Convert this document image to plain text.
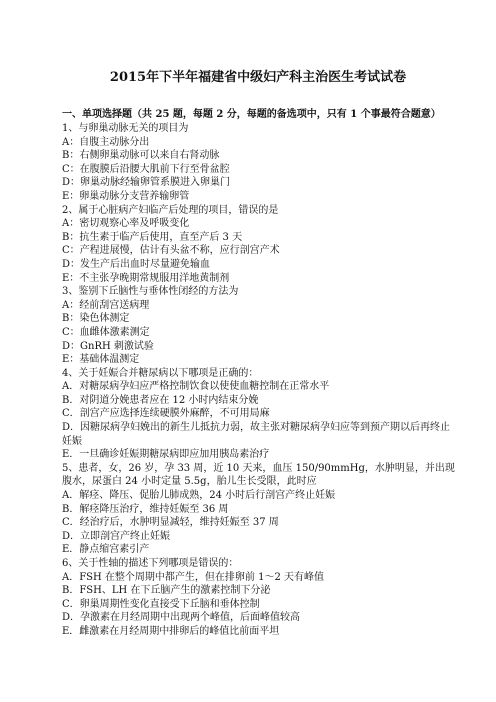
2015年下半年福建省中级妇产科主治医生考试试卷
一、单项选择题（共 25 题，每题 2 分，每题的备选项中，只有 1 个事最符合题意）
1、与卵巢动脉无关的项目为
A：自腹主动脉分出
B：右侧卵巢动脉可以来自右肾动脉
C：在腹膜后沿腰大肌前下行至骨盆腔
D：卵巢动脉经输卵管系膜进入卵巢门
E：卵巢动脉分支营养输卵管
2、属于心脏病产妇临产后处理的项目，错误的是
A：密切观察心率及呼吸变化
B：抗生素于临产后使用，直至产后 3 天
C：产程进展慢，估计有头盆不称，应行剖宫产术
D：发生产后出血时尽量避免输血
E：不主张孕晚期常规服用洋地黄制剂
3、鉴别下丘脑性与垂体性闭经的方法为
A：经前刮宫送病理
B：染色体测定
C：血雌体激素测定
D：GnRH 刺激试验
E：基础体温测定
4、关于妊娠合并糖尿病以下哪项是正确的：
A．对糖尿病孕妇应严格控制饮食以使使血糖控制在正常水平
B．对阴道分娩患者应在 12 小时内结束分娩
C．剖宫产应选择连续硬膜外麻醉，不可用局麻
D．因糖尿病孕妇娩出的新生儿抵抗力弱，故主张对糖尿病孕妇应等到预产期以后再终止妊娠
E．一旦确诊妊娠期糖尿病即应加用胰岛素治疗
5、患者，女，26 岁，孕 33 周，近 10 天来，血压 150/90mmHg，水肿明显，并出现腹水，尿蛋白 24 小时定量 5.5g，胎儿生长受限，此时应
A．解痉、降压、促胎儿肺成熟，24 小时后行剖宫产终止妊娠
B．解痉降压治疗，维持妊娠至 36 周
C．经治疗后，水肿明显减轻，维持妊娠至 37 周
D．立即剖宫产终止妊娠
E．静点缩宫素引产
6、关于性轴的描述下列哪项是错误的：
A．FSH 在整个周期中都产生，但在排卵前 1～2 天有峰值
B．FSH、LH 在下丘脑产生的激素控制下分泌
C．卵巢周期性变化直接受下丘脑和垂体控制
D．孕激素在月经周期中出现两个峰值，后面峰值较高
E．雌激素在月经周期中排卵后的峰值比前面平坦
